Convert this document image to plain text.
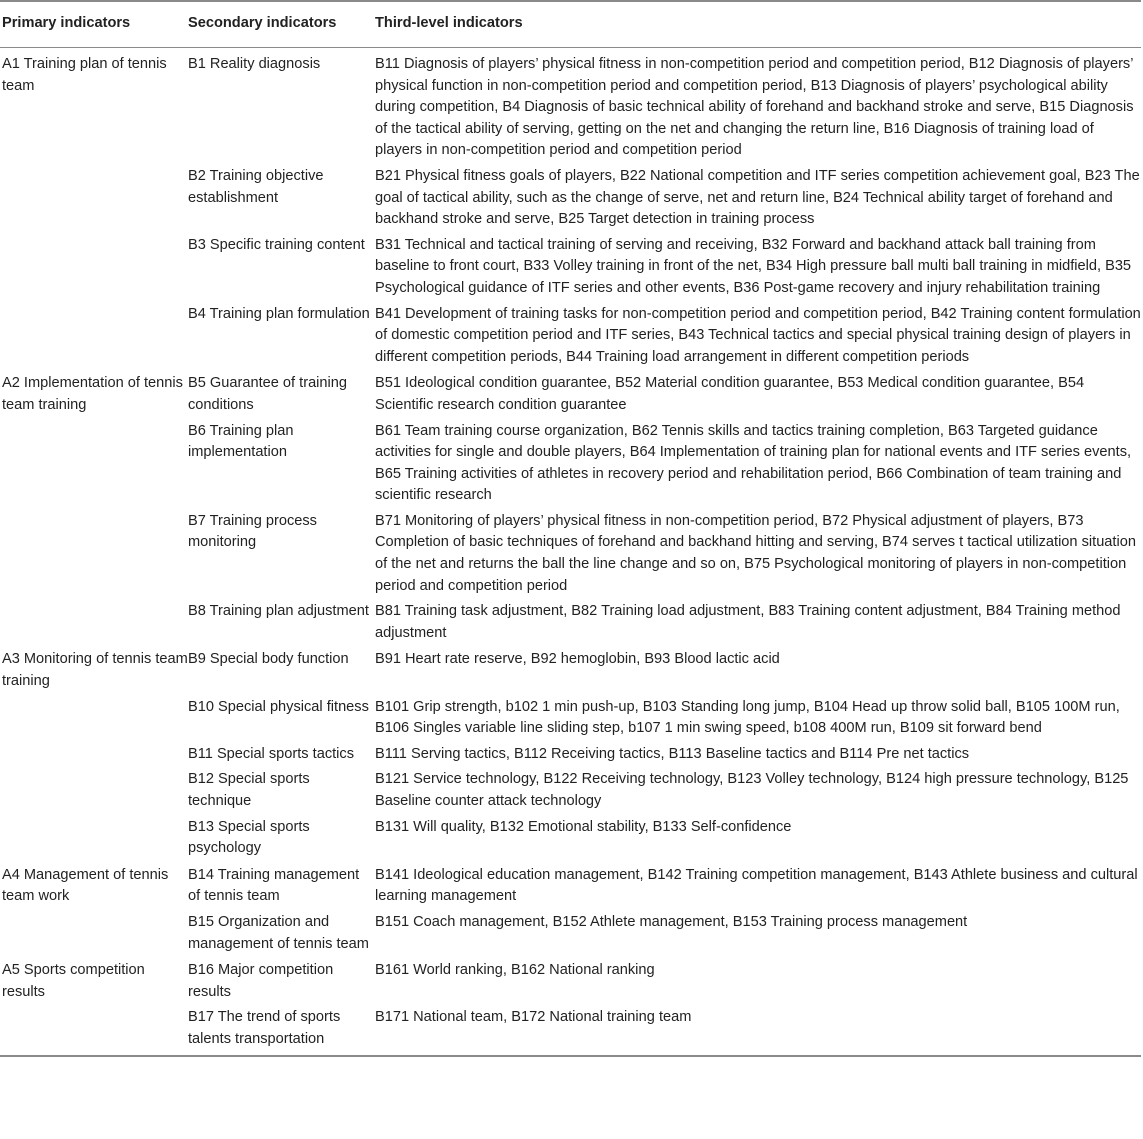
Primary indicators	Secondary indicators	Third-level indicators
A1 Training plan of tennis team	B1 Reality diagnosis	B11 Diagnosis of players’ physical fitness in non-competition period and competition period, B12 Diagnosis of players’ physical function in non-competition period and competition period, B13 Diagnosis of players’ psychological ability during competition, B4 Diagnosis of basic technical ability of forehand and backhand stroke and serve, B15 Diagnosis of the tactical ability of serving, getting on the net and changing the return line, B16 Diagnosis of training load of players in non-competition period and competition period
	B2 Training objective establishment	B21 Physical fitness goals of players, B22 National competition and ITF series competition achievement goal, B23 The goal of tactical ability, such as the change of serve, net and return line, B24 Technical ability target of forehand and backhand stroke and serve, B25 Target detection in training process
	B3 Specific training content	B31 Technical and tactical training of serving and receiving, B32 Forward and backhand attack ball training from baseline to front court, B33 Volley training in front of the net, B34 High pressure ball multi ball training in midfield, B35 Psychological guidance of ITF series and other events, B36 Post-game recovery and injury rehabilitation training
	B4 Training plan formulation	B41 Development of training tasks for non-competition period and competition period, B42 Training content formulation of domestic competition period and ITF series, B43 Technical tactics and special physical training design of players in different competition periods, B44 Training load arrangement in different competition periods
A2 Implementation of tennis team training	B5 Guarantee of training conditions	B51 Ideological condition guarantee, B52 Material condition guarantee, B53 Medical condition guarantee, B54 Scientific research condition guarantee
	B6 Training plan implementation	B61 Team training course organization, B62 Tennis skills and tactics training completion, B63 Targeted guidance activities for single and double players, B64 Implementation of training plan for national events and ITF series events, B65 Training activities of athletes in recovery period and rehabilitation period, B66 Combination of team training and scientific research
	B7 Training process monitoring	B71 Monitoring of players’ physical fitness in non-competition period, B72 Physical adjustment of players, B73 Completion of basic techniques of forehand and backhand hitting and serving, B74 serves t tactical utilization situation of the net and returns the ball the line change and so on, B75 Psychological monitoring of players in non-competition period and competition period
	B8 Training plan adjustment	B81 Training task adjustment, B82 Training load adjustment, B83 Training content adjustment, B84 Training method adjustment
A3 Monitoring of tennis team training	B9 Special body function	B91 Heart rate reserve, B92 hemoglobin, B93 Blood lactic acid
	B10 Special physical fitness	B101 Grip strength, b102 1 min push-up, B103 Standing long jump, B104 Head up throw solid ball, B105 100M run, B106 Singles variable line sliding step, b107 1 min swing speed, b108 400M run, B109 sit forward bend
	B11 Special sports tactics	B111 Serving tactics, B112 Receiving tactics, B113 Baseline tactics and B114 Pre net tactics
	B12 Special sports technique	B121 Service technology, B122 Receiving technology, B123 Volley technology, B124 high pressure technology, B125 Baseline counter attack technology
	B13 Special sports psychology	B131 Will quality, B132 Emotional stability, B133 Self-confidence
A4 Management of tennis team work	B14 Training management of tennis team	B141 Ideological education management, B142 Training competition management, B143 Athlete business and cultural learning management
	B15 Organization and management of tennis team	B151 Coach management, B152 Athlete management, B153 Training process management
A5 Sports competition results	B16 Major competition results	B161 World ranking, B162 National ranking
	B17 The trend of sports talents transportation	B171 National team, B172 National training team
